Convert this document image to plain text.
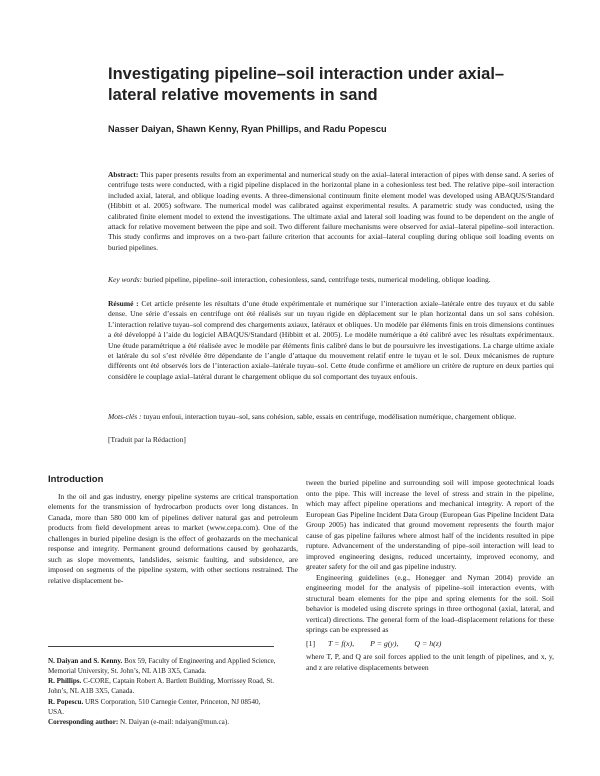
Investigating pipeline–soil interaction under axial–lateral relative movements in sand
Nasser Daiyan, Shawn Kenny, Ryan Phillips, and Radu Popescu

Abstract: This paper presents results from an experimental and numerical study on the axial–lateral interaction of pipes with dense sand. A series of centrifuge tests were conducted, with a rigid pipeline displaced in the horizontal plane in a cohesionless test bed. The relative pipe–soil interaction included axial, lateral, and oblique loading events. A three-dimensional continuum finite element model was developed using ABAQUS/Standard (Hibbitt et al. 2005) software. The numerical model was calibrated against experimental results. A parametric study was conducted, using the calibrated finite element model to extend the investigations. The ultimate axial and lateral soil loading was found to be dependent on the angle of attack for relative movement between the pipe and soil. Two different failure mechanisms were observed for axial–lateral pipeline–soil interaction. This study confirms and improves on a two-part failure criterion that accounts for axial–lateral coupling during oblique soil loading events on buried pipelines.

Key words: buried pipeline, pipeline–soil interaction, cohesionless, sand, centrifuge tests, numerical modeling, oblique loading.

Résumé : Cet article présente les résultats d’une étude expérimentale et numérique sur l’interaction axiale–latérale entre des tuyaux et du sable dense. Une série d’essais en centrifuge ont été réalisés sur un tuyau rigide en déplacement sur le plan horizontal dans un sol sans cohésion. L’interaction relative tuyau–sol comprend des chargements axiaux, latéraux et obliques. Un modèle par éléments finis en trois dimensions continues a été développé à l’aide du logiciel ABAQUS/Standard (Hibbitt et al. 2005). Le modèle numérique a été calibré avec les résultats expérimentaux. Une étude paramétrique a été réalisée avec le modèle par éléments finis calibré dans le but de poursuivre les investigations. La charge ultime axiale et latérale du sol s’est révélée être dépendante de l’angle d’attaque du mouvement relatif entre le tuyau et le sol. Deux mécanismes de rupture différents ont été observés lors de l’interaction axiale–latérale tuyau–sol. Cette étude confirme et améliore un critère de rupture en deux parties qui considère le couplage axial–latéral durant le chargement oblique du sol comportant des tuyaux enfouis.

Mots-clés : tuyau enfoui, interaction tuyau–sol, sans cohésion, sable, essais en centrifuge, modélisation numérique, chargement oblique.

[Traduit par la Rédaction]

Introduction

In the oil and gas industry, energy pipeline systems are critical transportation elements for the transmission of hydrocarbon products over long distances. In Canada, more than 580 000 km of pipelines deliver natural gas and petroleum products from field development areas to market (www.cepa.com). One of the challenges in buried pipeline design is the effect of geohazards on the mechanical response and integrity. Permanent ground deformations caused by geohazards, such as slope movements, landslides, seismic faulting, and subsidence, are imposed on segments of the pipeline system, with other sections restrained. The relative displacement be-

N. Daiyan and S. Kenny. Box 59, Faculty of Engineering and Applied Science, Memorial University, St. John’s, NL A1B 3X5, Canada.

R. Phillips. C-CORE, Captain Robert A. Bartlett Building, Morrissey Road, St. John’s, NL A1B 3X5, Canada.

R. Popescu. URS Corporation, 510 Carnegie Center, Princeton, NJ 08540, USA.

Corresponding author: N. Daiyan (e-mail: ndaiyan@mun.ca).

tween the buried pipeline and surrounding soil will impose geotechnical loads onto the pipe. This will increase the level of stress and strain in the pipeline, which may affect pipeline operations and mechanical integrity. A report of the European Gas Pipeline Incident Data Group (European Gas Pipeline Incident Data Group 2005) has indicated that ground movement represents the fourth major cause of gas pipeline failures where almost half of the incidents resulted in pipe rupture. Advancement of the understanding of pipe–soil interaction will lead to improved engineering designs, reduced uncertainty, improved economy, and greater safety for the oil and gas pipeline industry.

Engineering guidelines (e.g., Honegger and Nyman 2004) provide an engineering model for the analysis of pipeline–soil interaction events, with structural beam elements for the pipe and spring elements for the soil. Soil behavior is modeled using discrete springs in three orthogonal (axial, lateral, and vertical) directions. The general form of the load–displacement relations for these springs can be expressed as

[1]	T = f(x), P = g(y), Q = h(z)

where T, P, and Q are soil forces applied to the unit length of pipelines, and x, y, and z are relative displacements between
